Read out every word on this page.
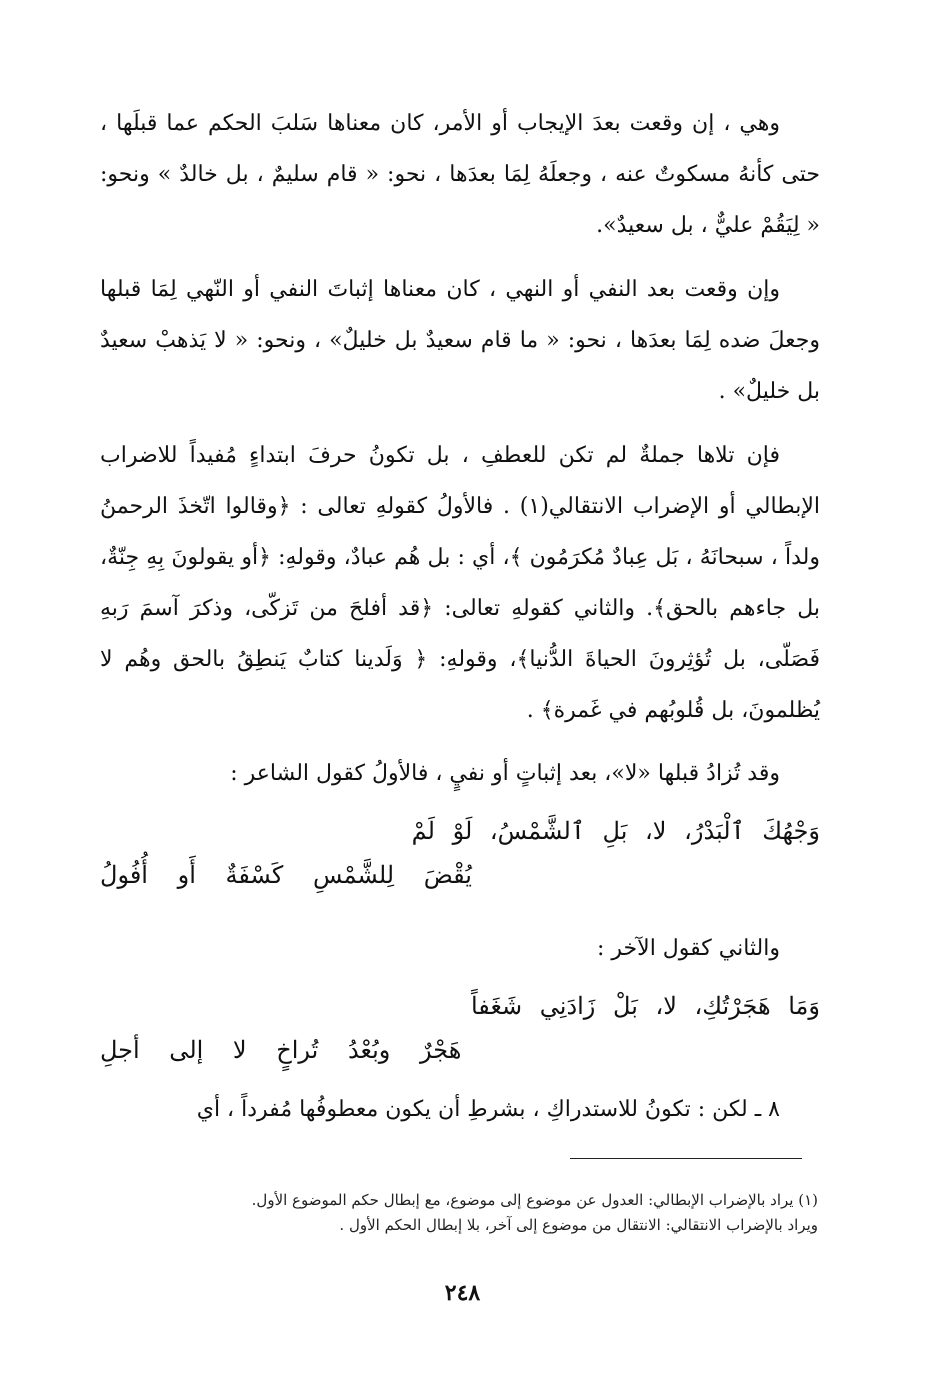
وهي ، إن وقعت بعدَ الإيجاب أو الأمر، كان معناها سَلبَ الحكم عما قبلَها ، حتى كأنهُ مسكوتٌ عنه ، وجعلَهُ لِمَا بعدَها ، نحو: « قام سليمٌ ، بل خالدٌ » ونحو: « لِيَقُمْ عليٌّ ، بل سعيدٌ».

وإن وقعت بعد النفي أو النهي ، كان معناها إثباتَ النفي أو النّهي لِمَا قبلها وجعلَ ضده لِمَا بعدَها ، نحو: « ما قام سعيدٌ بل خليلٌ» ، ونحو: « لا يَذهبْ سعيدٌ بل خليلٌ» .

فإن تلاها جملةٌ لم تكن للعطفِ ، بل تكونُ حرفَ ابتداءٍ مُفيداً للاضراب الإبطالي أو الإضراب الانتقالي(١) . فالأولُ كقولهِ تعالى : ﴿وقالوا اتّخذَ الرحمنُ ولداً ، سبحانَهُ ، بَل عِبادٌ مُكرَمُون ﴾، أي : بل هُم عبادٌ، وقولهِ: ﴿أو يقولونَ بِهِ جِنّةٌ، بل جاءهم بالحق﴾. والثاني كقولهِ تعالى: ﴿قد أفلحَ من تَزكّى، وذكرَ آسمَ رَبهِ فَصَلّى، بل تُؤثِرونَ الحياةَ الدُّنيا﴾، وقولهِ: ﴿ وَلَدينا كتابٌ يَنطِقُ بالحق وهُم لا يُظلمونَ، بل قُلوبُهم في غَمرة﴾ .

وقد تُزادُ قبلها «لا»، بعد إثباتٍ أو نفيٍ ، فالأولُ كقول الشاعر :

وَجْهُكَ ٱلْبَدْرُ، لا، بَلِ ٱلشَّمْسُ، لَوْ لَمْ
يُقْضَ لِلشَّمْسِ كَسْفَةٌ أَو أُفُولُ

والثاني كقول الآخر :

وَمَا هَجَرْتُكِ، لا، بَلْ زَادَنِي شَغَفاً
هَجْرٌ وبُعْدُ تُراخٍ لا إلى أجلِ

٨ ـ لكن : تكونُ للاستدراكِ ، بشرطِ أن يكون معطوفُها مُفرداً ، أي

(١) يراد بالإضراب الإبطالي: العدول عن موضوع إلى موضوع، مع إبطال حكم الموضوع الأول.

ويراد بالإضراب الانتقالي: الانتقال من موضوع إلى آخر، بلا إبطال الحكم الأول .

٢٤٨
